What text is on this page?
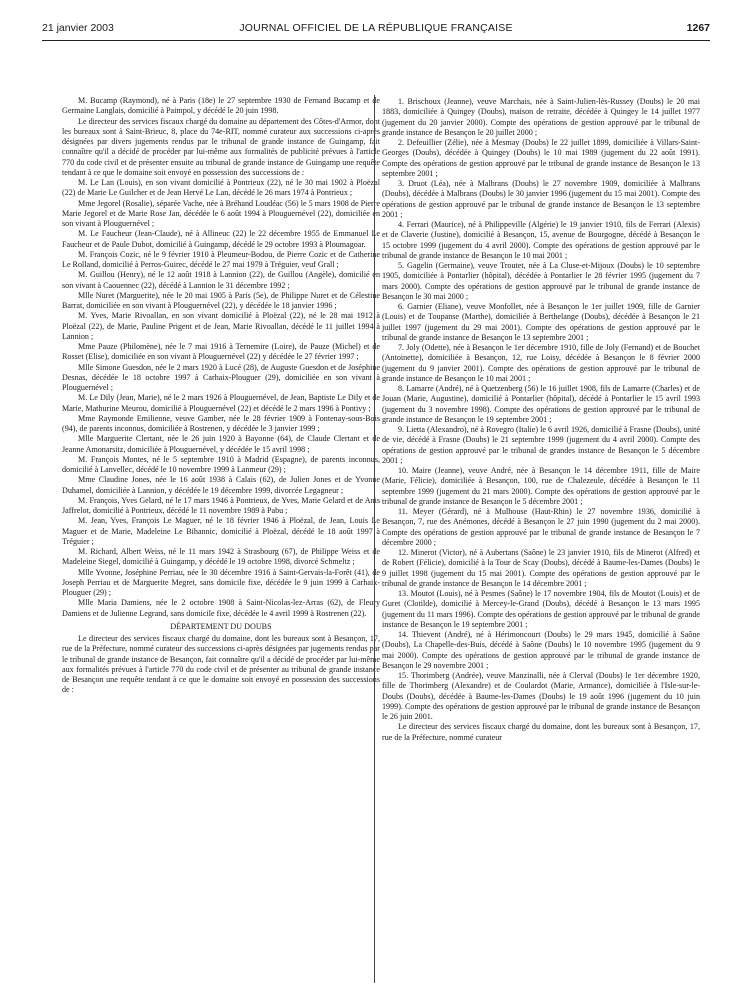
21 janvier 2003	JOURNAL OFFICIEL DE LA RÉPUBLIQUE FRANÇAISE	1267

M. Bucamp (Raymond), né à Paris (18e) le 27 septembre 1930 de Fernand Bucamp et de Germaine Langlais, domicilié à Paimpol, y décédé le 20 juin 1998.

Le directeur des services fiscaux chargé du domaine au département des Côtes-d'Armor, dont les bureaux sont à Saint-Brieuc, 8, place du 74e-RIT, nommé curateur aux successions ci-après désignées par divers jugements rendus par le tribunal de grande instance de Guingamp, fait connaître qu'il a décidé de procéder par lui-même aux formalités de publicité prévues à l'article 770 du code civil et de présenter ensuite au tribunal de grande instance de Guingamp une requête tendant à ce que le domaine soit envoyé en possession des successions de :

M. Le Lan (Louis), en son vivant domicilié à Pontrieux (22), né le 30 mai 1902 à Ploëzal (22) de Marie Le Guilcher et de Jean Hervé Le Lan, décédé le 26 mars 1974 à Pontrieux ;

Mme Jegorel (Rosalie), séparée Vache, née à Bréhand Loudéac (56) le 5 mars 1908 de Pierre Marie Jegorel et de Marie Rose Jan, décédée le 6 août 1994 à Plouguernével (22), domiciliée en son vivant à Plouguernével ;

M. Le Faucheur (Jean-Claude), né à Allineuc (22) le 22 décembre 1955 de Emmanuel Le Faucheur et de Paule Dubot, domicilié à Guingamp, décédé le 29 octobre 1993 à Ploumagoar.

M. François Cozic, né le 9 février 1910 à Pleumeur-Bodou, de Pierre Cozic et de Catherine Le Rolland, domicilié à Perros-Guirec, décédé le 27 mai 1979 à Tréguier, veuf Grall ;

M. Guillou (Henry), né le 12 août 1918 à Lannion (22), de Guillou (Angèle), domicilié en son vivant à Caouennec (22), décédé à Lannion le 31 décembre 1992 ;

Mlle Nuret (Marguerite), née le 20 mai 1905 à Paris (5e), de Philippe Nuret et de Célestine Barrat, domiciliée en son vivant à Plouguernével (22), y décédée le 18 janvier 1996 ;

M. Yves, Marie Rivoallan, en son vivant domicilié à Ploëzal (22), né le 28 mai 1912 à Ploëzal (22), de Marie, Pauline Prigent et de Jean, Marie Rivoallan, décédé le 11 juillet 1994 à Lannion ;

Mme Pauze (Philomène), née le 7 mai 1916 à Ternemire (Loire), de Pauze (Michel) et de Rosset (Elise), domiciliée en son vivant à Plouguernével (22) y décédée le 27 février 1997 ;

Mlle Simone Guesdon, née le 2 mars 1920 à Lucé (28), de Auguste Guesdon et de Joséphine Desnas, décédée le 18 octobre 1997 à Carhaix-Plouguer (29), domiciliée en son vivant à Plouguernével ;

M. Le Dily (Jean, Marie), né le 2 mars 1926 à Plouguernével, de Jean, Baptiste Le Dily et de Marie, Mathurine Meurou, domicilié à Plouguernével (22) et décédé le 2 mars 1996 à Pontivy ;

Mme Raymonde Emilienne, veuve Gamber, née le 28 février 1909 à Fontenay-sous-Bois (94), de parents inconnus, domiciliée à Rostrenen, y décédée le 3 janvier 1999 ;

Mlle Marguerite Clertant, née le 26 juin 1920 à Bayonne (64), de Claude Clertant et de Jeanne Amonarsitz, domiciliée à Plouguernével, y décédée le 15 avril 1998 ;

M. François Montes, né le 5 septembre 1910 à Madrid (Espagne), de parents inconnus, domicilié à Lanvellec, décédé le 10 novembre 1999 à Lanmeur (29) ;

Mme Claudine Jones, née le 16 août 1938 à Calais (62), de Julien Jones et de Yvonne Duhamel, domiciliée à Lannion, y décédée le 19 décembre 1999, divorcée Legagneur ;

M. François, Yves Gelard, né le 17 mars 1946 à Pontrieux, de Yves, Marie Gelard et de Anis Jaffrelot, domicilié à Pontrieux, décédé le 11 novembre 1989 à Pabu ;

M. Jean, Yves, François Le Maguer, né le 18 février 1946 à Ploëzal, de Jean, Louis Le Maguer et de Marie, Madeleine Le Bihannic, domicilié à Ploëzal, décédé le 18 août 1997 à Tréguier ;

M. Richard, Albert Weiss, né le 11 mars 1942 à Strasbourg (67), de Philippe Weiss et de Madeleine Siegel, domicilié à Guingamp, y décédé le 19 octobre 1998, divorcé Schmeltz ;

Mlle Yvonne, Joséphine Perriau, née le 30 décembre 1916 à Saint-Gervais-la-Forêt (41), de Joseph Perriau et de Marguerite Megret, sans domicile fixe, décédée le 9 juin 1999 à Carhaix-Plouguer (29) ;

Mlle Maria Damiens, née le 2 octobre 1908 à Saint-Nicolas-lez-Arras (62), de Fleury Damiens et de Julienne Legrand, sans domicile fixe, décédée le 4 avril 1999 à Rostrenen (22).

DÉPARTEMENT DU DOUBS

Le directeur des services fiscaux chargé du domaine, dont les bureaux sont à Besançon, 17, rue de la Préfecture, nommé curateur des successions ci-après désignées par jugements rendus par le tribunal de grande instance de Besançon, fait connaître qu'il a décidé de procéder par lui-même aux formalités prévues à l'article 770 du code civil et de présenter au tribunal de grande instance de Besançon une requête tendant à ce que le domaine soit envoyé en possession des successions de :

1. Brischoux (Jeanne), veuve Marchais, née à Saint-Julien-lès-Russey (Doubs) le 20 mai 1883, domiciliée à Quingey (Doubs), maison de retraite, décédée à Quingey le 14 juillet 1977 (jugement du 20 janvier 2000). Compte des opérations de gestion approuvé par le tribunal de grande instance de Besançon le 20 juillet 2000 ;

2. Defeuillier (Zélie), née à Mesmay (Doubs) le 22 juillet 1899, domiciliée à Villars-Saint-Georges (Doubs), décédée à Quingey (Doubs) le 10 mai 1989 (jugement du 22 août 1991). Compte des opérations de gestion approuvé par le tribunal de grande instance de Besançon le 13 septembre 2001 ;

3. Druot (Léa), née à Malbrans (Doubs) le 27 novembre 1909, domiciliée à Malbrans (Doubs), décédée à Malbrans (Doubs) le 30 janvier 1996 (jugement du 15 mai 2001). Compte des opérations de gestion approuvé par le tribunal de grande instance de Besançon le 13 septembre 2001 ;

4. Ferrari (Maurice), né à Philippeville (Algérie) le 19 janvier 1910, fils de Ferrari (Alexis) et de Claverie (Justine), domicilié à Besançon, 15, avenue de Bourgogne, décédé à Besançon le 15 octobre 1999 (jugement du 4 avril 2000). Compte des opérations de gestion approuvé par le tribunal de grande instance de Besançon le 10 mai 2001 ;

5. Gagelin (Germaine), veuve Troutet, née à La Cluse-et-Mijoux (Doubs) le 10 septembre 1905, domiciliée à Pontarlier (hôpital), décédée à Pontarlier le 28 février 1995 (jugement du 7 mars 2000). Compte des opérations de gestion approuvé par le tribunal de grande instance de Besançon le 30 mai 2000 ;

6. Garnier (Eliane), veuve Monfollet, née à Besançon le 1er juillet 1909, fille de Garnier (Louis) et de Toupanse (Marthe), domiciliée à Berthelange (Doubs), décédée à Besançon le 21 juillet 1997 (jugement du 29 mai 2001). Compte des opérations de gestion approuvé par le tribunal de grande instance de Besançon le 13 septembre 2001 ;

7. Joly (Odette), née à Besançon le 1er décembre 1910, fille de Joly (Fernand) et de Bouchet (Antoinette), domiciliée à Besançon, 12, rue Loisy, décédée à Besançon le 8 février 2000 (jugement du 9 janvier 2001). Compte des opérations de gestion approuvé par le tribunal de grande instance de Besançon le 10 mai 2001 ;

8. Lamarre (André), né à Quetzenberg (56) le 16 juillet 1908, fils de Lamarre (Charles) et de Jouan (Marie, Augustine), domicilié à Pontarlier (hôpital), décédé à Pontarlier le 15 avril 1993 (jugement du 3 novembre 1998). Compte des opérations de gestion approuvé par le tribunal de grande instance de Besançon le 19 septembre 2001 ;

9. Lietta (Alexandro), né à Rovegro (Italie) le 6 avril 1926, domicilié à Frasne (Doubs), unité de vie, décédé à Frasne (Doubs) le 21 septembre 1999 (jugement du 4 avril 2000). Compte des opérations de gestion approuvé par le tribunal de grandes instance de Besançon le 5 décembre 2001 ;

10. Maire (Jeanne), veuve André, née à Besançon le 14 décembre 1911, fille de Maire (Marie, Félicie), domiciliée à Besançon, 100, rue de Chalezeule, décédée à Besançon le 11 septembre 1999 (jugement du 21 mars 2000). Compte des opérations de gestion approuvé par le tribunal de grande instance de Besançon le 5 décembre 2001 ;

11. Meyer (Gérard), né à Mulhouse (Haut-Rhin) le 27 novembre 1936, domicilié à Besançon, 7, rue des Anémones, décédé à Besançon le 27 juin 1990 (jugement du 2 mai 2000). Compte des opérations de gestion approuvé par le tribunal de grande instance de Besançon le 7 décembre 2000 ;

12. Minerot (Victor), né à Aubertans (Saône) le 23 janvier 1910, fils de Minerot (Alfred) et de Robert (Félicie), domicilié à la Tour de Scay (Doubs), décédé à Baume-les-Dames (Doubs) le 9 juillet 1998 (jugement du 15 mai 2001). Compte des opérations de gestion approuvé par le tribunal de grande instance de Besançon le 14 décembre 2001 ;

13. Moutot (Louis), né à Pesmes (Saône) le 17 novembre 1904, fils de Moutot (Louis) et de Guret (Clotilde), domicilié à Mercey-le-Grand (Doubs), décédé à Besançon le 13 mars 1995 (jugement du 11 mars 1996). Compte des opérations de gestion approuvé par le tribunal de grande instance de Besançon le 19 septembre 2001 ;

14. Thievent (André), né à Hérimoncourt (Doubs) le 29 mars 1945, domicilié à Saône (Doubs), La Chapelle-des-Buis, décédé à Saône (Doubs) le 10 novembre 1995 (jugement du 9 mai 2000). Compte des opérations de gestion approuvé par le tribunal de grande instance de Besançon le 29 novembre 2001 ;

15. Thorimberg (Andrée), veuve Manzinalli, née à Clerval (Doubs) le 1er décembre 1920, fille de Thorimberg (Alexandre) et de Coulardot (Marie, Armance), domiciliée à l'Isle-sur-le-Doubs (Doubs), décédée à Baume-les-Dames (Doubs) le 19 août 1996 (jugement du 10 juin 1999). Compte des opérations de gestion approuvé par le tribunal de grande instance de Besançon le 26 juin 2001.

Le directeur des services fiscaux chargé du domaine, dont les bureaux sont à Besançon, 17, rue de la Préfecture, nommé curateur
